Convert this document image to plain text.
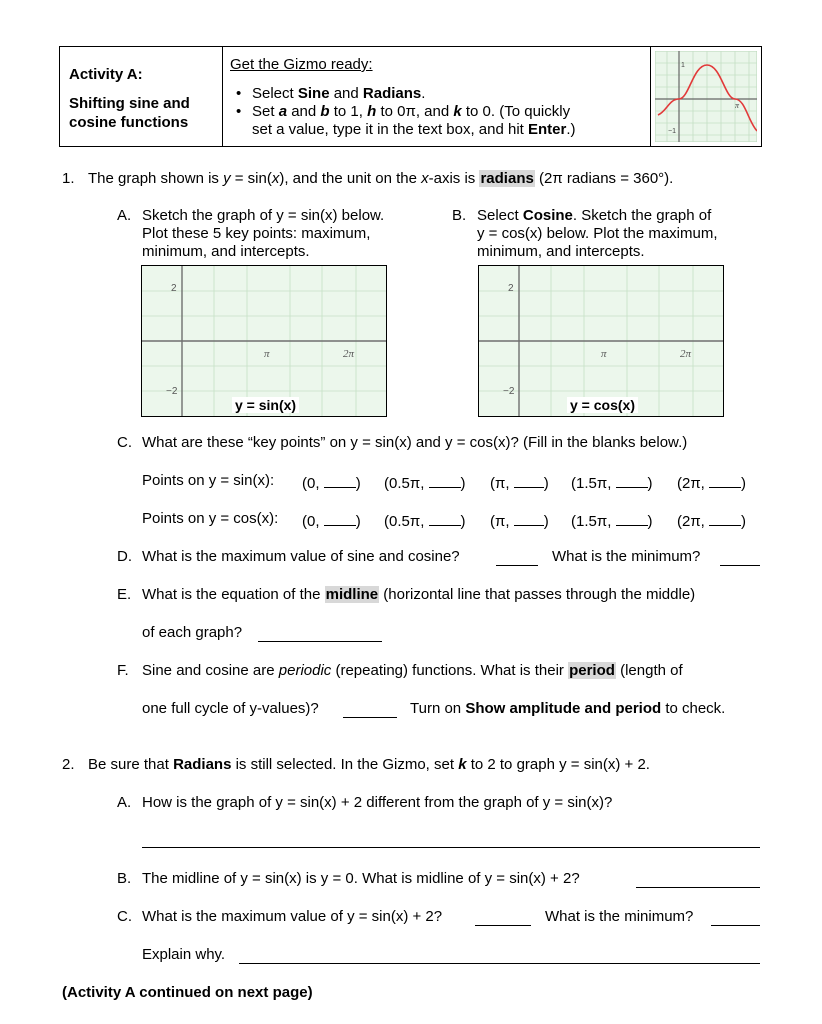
Activity A:
Shifting sine and
cosine functions
Get the Gizmo ready:
• Select Sine and Radians.
• Set a and b to 1, h to 0π, and k to 0. (To quickly
set a value, type it in the text box, and hit Enter.)
1
−1
π
1. The graph shown is y = sin(x), and the unit on the x-axis is radians (2π radians = 360°).
A. Sketch the graph of y = sin(x) below.
Plot these 5 key points: maximum,
minimum, and intercepts.
B. Select Cosine. Sketch the graph of
y = cos(x) below. Plot the maximum,
minimum, and intercepts.
2
−2
π	2π
y = sin(x)
2
−2
π	2π
y = cos(x)
C. What are these “key points” on y = sin(x) and y = cos(x)? (Fill in the blanks below.)
Points on y = sin(x): (0, ) (0.5π, ) (π, ) (1.5π, ) (2π, )
Points on y = cos(x): (0, ) (0.5π, ) (π, ) (1.5π, ) (2π, )
D. What is the maximum value of sine and cosine?	What is the minimum?
E. What is the equation of the midline (horizontal line that passes through the middle)
of each graph?
F. Sine and cosine are periodic (repeating) functions. What is their period (length of
one full cycle of y-values)?	Turn on Show amplitude and period to check.
2. Be sure that Radians is still selected. In the Gizmo, set k to 2 to graph y = sin(x) + 2.
A. How is the graph of y = sin(x) + 2 different from the graph of y = sin(x)?
B. The midline of y = sin(x) is y = 0. What is midline of y = sin(x) + 2?
C. What is the maximum value of y = sin(x) + 2?	What is the minimum?
Explain why.
(Activity A continued on next page)
